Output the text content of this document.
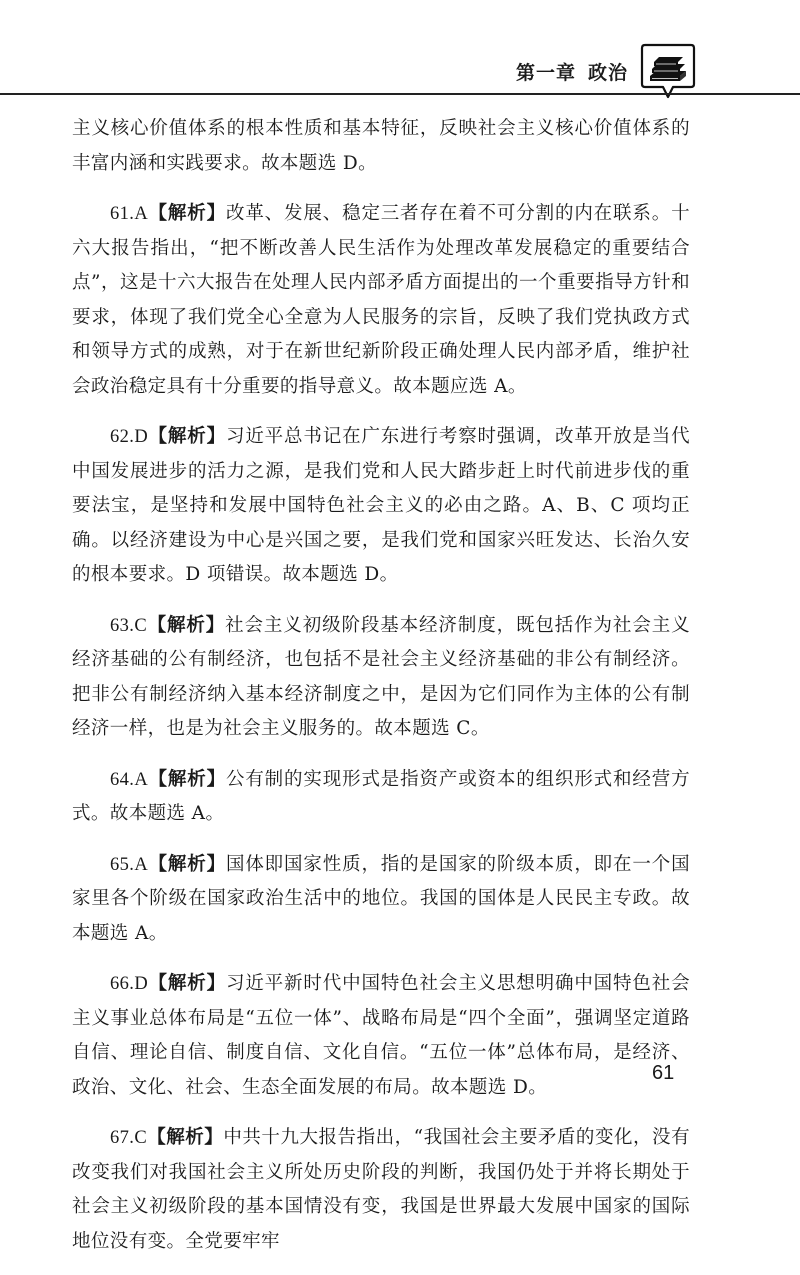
第一章 政治

主义核心价值体系的根本性质和基本特征，反映社会主义核心价值体系的丰富内涵和实践要求。故本题选 D。

61.A【解析】改革、发展、稳定三者存在着不可分割的内在联系。十六大报告指出，“把不断改善人民生活作为处理改革发展稳定的重要结合点”，这是十六大报告在处理人民内部矛盾方面提出的一个重要指导方针和要求，体现了我们党全心全意为人民服务的宗旨，反映了我们党执政方式和领导方式的成熟，对于在新世纪新阶段正确处理人民内部矛盾，维护社会政治稳定具有十分重要的指导意义。故本题应选 A。

62.D【解析】习近平总书记在广东进行考察时强调，改革开放是当代中国发展进步的活力之源，是我们党和人民大踏步赶上时代前进步伐的重要法宝，是坚持和发展中国特色社会主义的必由之路。A、B、C 项均正确。以经济建设为中心是兴国之要，是我们党和国家兴旺发达、长治久安的根本要求。D 项错误。故本题选 D。

63.C【解析】社会主义初级阶段基本经济制度，既包括作为社会主义经济基础的公有制经济，也包括不是社会主义经济基础的非公有制经济。把非公有制经济纳入基本经济制度之中，是因为它们同作为主体的公有制经济一样，也是为社会主义服务的。故本题选 C。

64.A【解析】公有制的实现形式是指资产或资本的组织形式和经营方式。故本题选 A。

65.A【解析】国体即国家性质，指的是国家的阶级本质，即在一个国家里各个阶级在国家政治生活中的地位。我国的国体是人民民主专政。故本题选 A。

66.D【解析】习近平新时代中国特色社会主义思想明确中国特色社会主义事业总体布局是“五位一体”、战略布局是“四个全面”，强调坚定道路自信、理论自信、制度自信、文化自信。“五位一体”总体布局，是经济、政治、文化、社会、生态全面发展的布局。故本题选 D。

67.C【解析】中共十九大报告指出，“我国社会主要矛盾的变化，没有改变我们对我国社会主义所处历史阶段的判断，我国仍处于并将长期处于社会主义初级阶段的基本国情没有变，我国是世界最大发展中国家的国际地位没有变。全党要牢牢

61
